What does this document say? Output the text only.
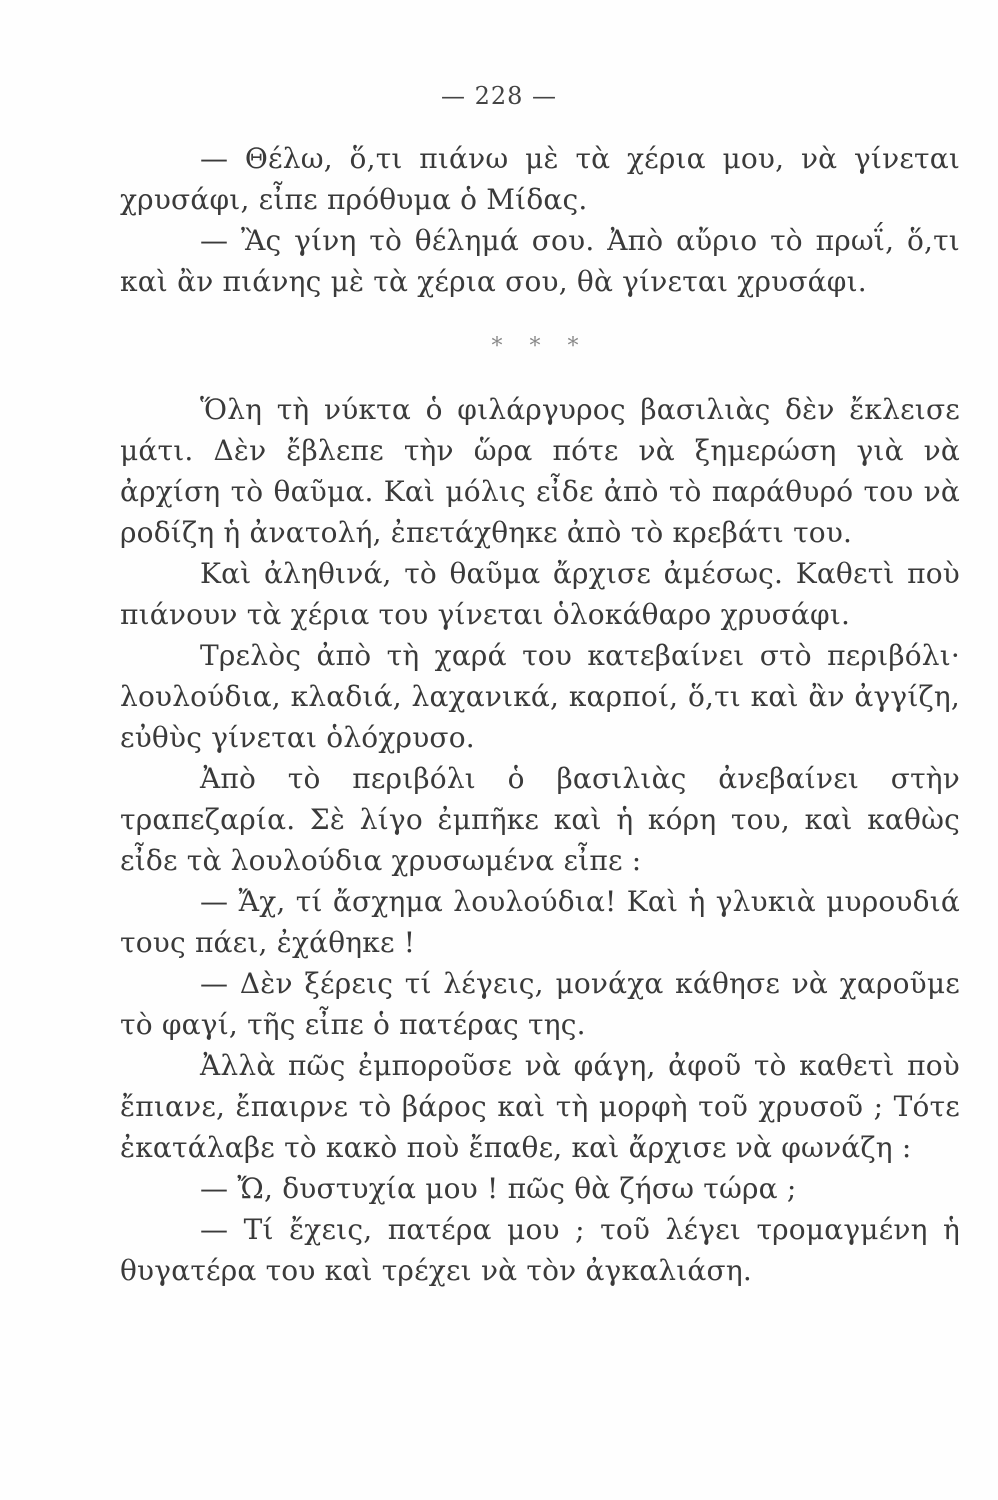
— 228 —

— Θέλω, ὅ,τι πιάνω μὲ τὰ χέρια μου, νὰ γίνεται χρυσάφι, εἶπε πρόθυμα ὁ Μίδας.

— Ἂς γίνη τὸ θέλημά σου. Ἀπὸ αὔριο τὸ πρωΐ, ὅ,τι καὶ ἂν πιάνης μὲ τὰ χέρια σου, θὰ γίνεται χρυσάφι.

* * *

Ὅλη τὴ νύκτα ὁ φιλάργυρος βασιλιὰς δὲν ἔκλεισε μάτι. Δὲν ἔβλεπε τὴν ὥρα πότε νὰ ξημερώση γιὰ νὰ ἀρχίση τὸ θαῦμα. Καὶ μόλις εἶδε ἀπὸ τὸ παράθυρό του νὰ ροδίζη ἡ ἀνατολή, ἐπετάχθηκε ἀπὸ τὸ κρεβάτι του.

Καὶ ἀληθινά, τὸ θαῦμα ἄρχισε ἀμέσως. Καθετὶ ποὺ πιάνουν τὰ χέρια του γίνεται ὁλοκάθαρο χρυσάφι.

Τρελὸς ἀπὸ τὴ χαρά του κατεβαίνει στὸ περιβόλι· λουλούδια, κλαδιά, λαχανικά, καρποί, ὅ,τι καὶ ἂν ἀγγίζη, εὐθὺς γίνεται ὁλόχρυσο.

Ἀπὸ τὸ περιβόλι ὁ βασιλιὰς ἀνεβαίνει στὴν τραπεζαρία. Σὲ λίγο ἐμπῆκε καὶ ἡ κόρη του, καὶ καθὼς εἶδε τὰ λουλούδια χρυσωμένα εἶπε :

— Ἄχ, τί ἄσχημα λουλούδια! Καὶ ἡ γλυκιὰ μυρουδιά τους πάει, ἐχάθηκε !

— Δὲν ξέρεις τί λέγεις, μονάχα κάθησε νὰ χαροῦμε τὸ φαγί, τῆς εἶπε ὁ πατέρας της.

Ἀλλὰ πῶς ἐμποροῦσε νὰ φάγη, ἀφοῦ τὸ καθετὶ ποὺ ἔπιανε, ἔπαιρνε τὸ βάρος καὶ τὴ μορφὴ τοῦ χρυσοῦ ; Τότε ἐκατάλαβε τὸ κακὸ ποὺ ἔπαθε, καὶ ἄρχισε νὰ φωνάζη :

— Ὤ, δυστυχία μου ! πῶς θὰ ζήσω τώρα ;

— Τί ἔχεις, πατέρα μου ; τοῦ λέγει τρομαγμένη ἡ θυγατέρα του καὶ τρέχει νὰ τὸν ἀγκαλιάση.
